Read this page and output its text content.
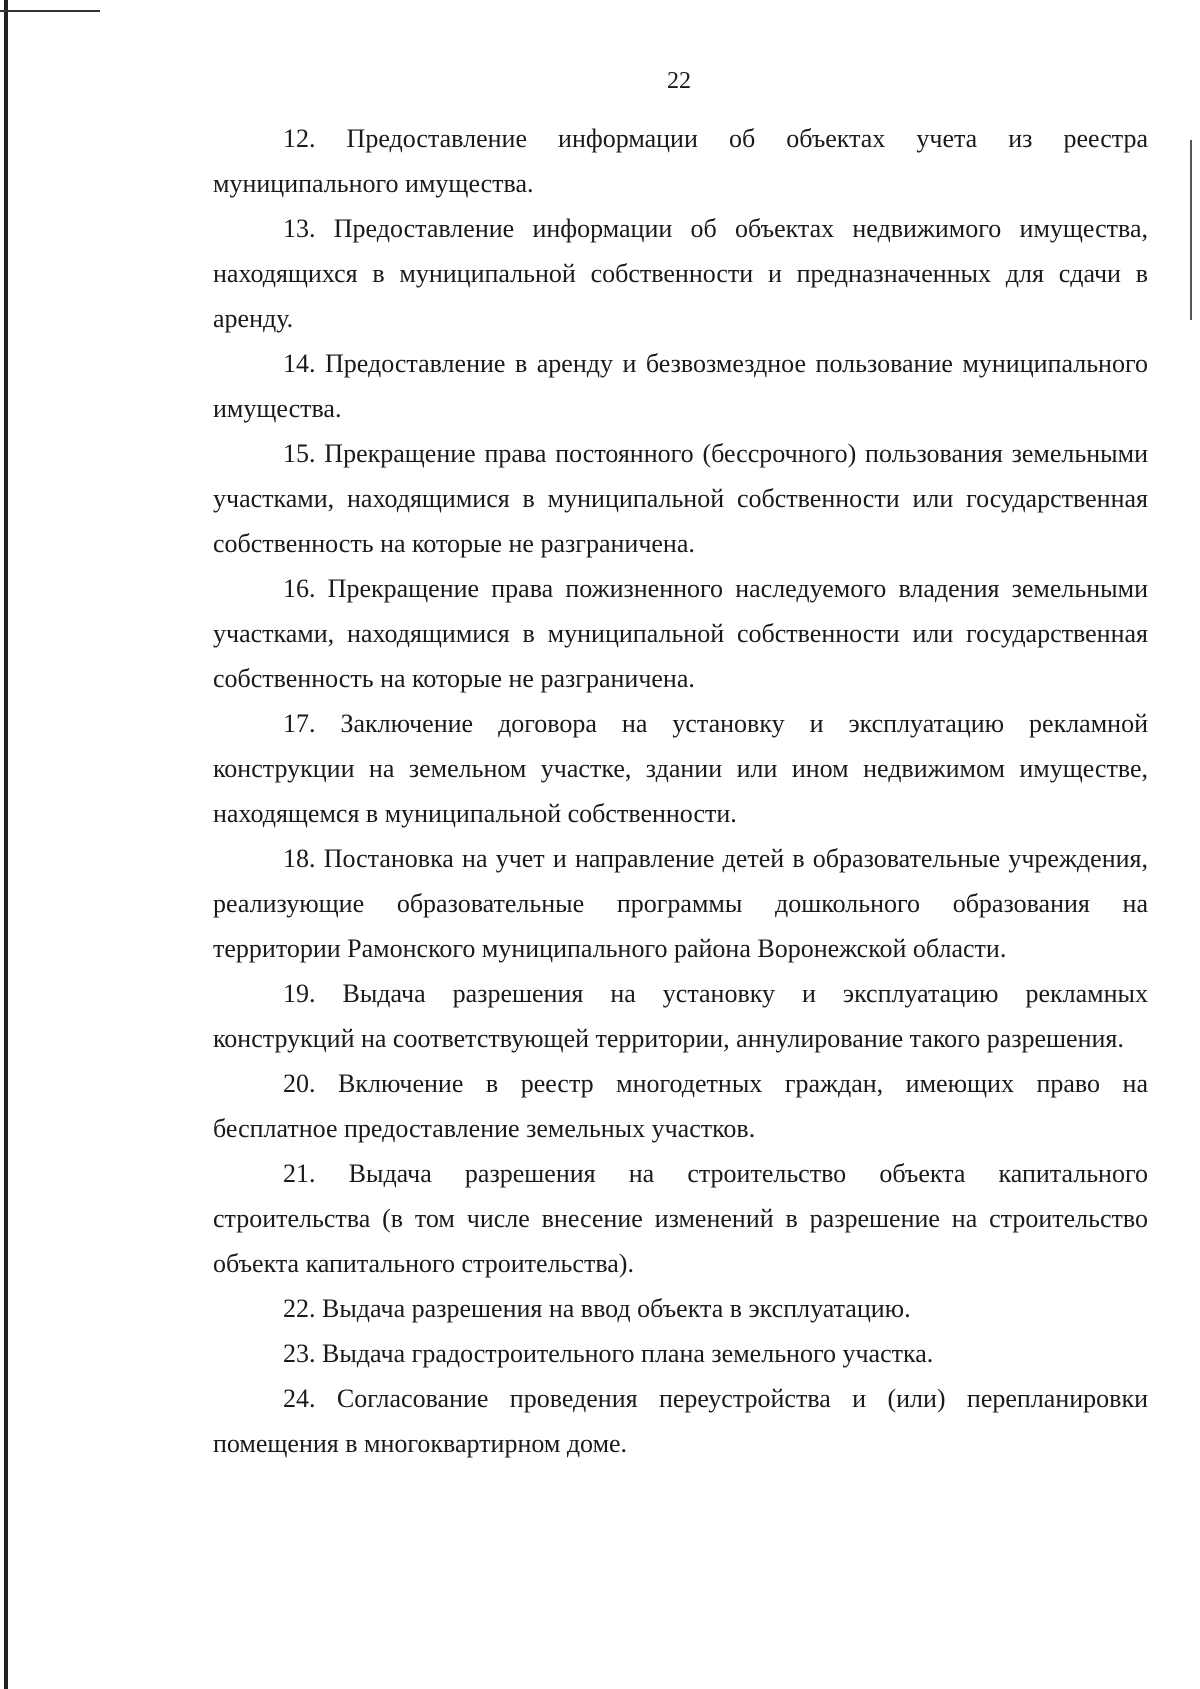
22

12. Предоставление информации об объектах учета из реестра муниципального имущества.

13. Предоставление информации об объектах недвижимого имущества, находящихся в муниципальной собственности и предназначенных для сдачи в аренду.

14. Предоставление в аренду и безвозмездное пользование муниципального имущества.

15. Прекращение права постоянного (бессрочного) пользования земельными участками, находящимися в муниципальной собственности или государственная собственность на которые не разграничена.

16. Прекращение права пожизненного наследуемого владения земельными участками, находящимися в муниципальной собственности или государственная собственность на которые не разграничена.

17. Заключение договора на установку и эксплуатацию рекламной конструкции на земельном участке, здании или ином недвижимом имуществе, находящемся в муниципальной собственности.

18. Постановка на учет и направление детей в образовательные учреждения, реализующие образовательные программы дошкольного образования на территории Рамонского муниципального района Воронежской области.

19. Выдача разрешения на установку и эксплуатацию рекламных конструкций на соответствующей территории, аннулирование такого разрешения.

20. Включение в реестр многодетных граждан, имеющих право на бесплатное предоставление земельных участков.

21. Выдача разрешения на строительство объекта капитального строительства (в том числе внесение изменений в разрешение на строительство объекта капитального строительства).

22. Выдача разрешения на ввод объекта в эксплуатацию.

23. Выдача градостроительного плана земельного участка.

24. Согласование проведения переустройства и (или) перепланировки помещения в многоквартирном доме.
